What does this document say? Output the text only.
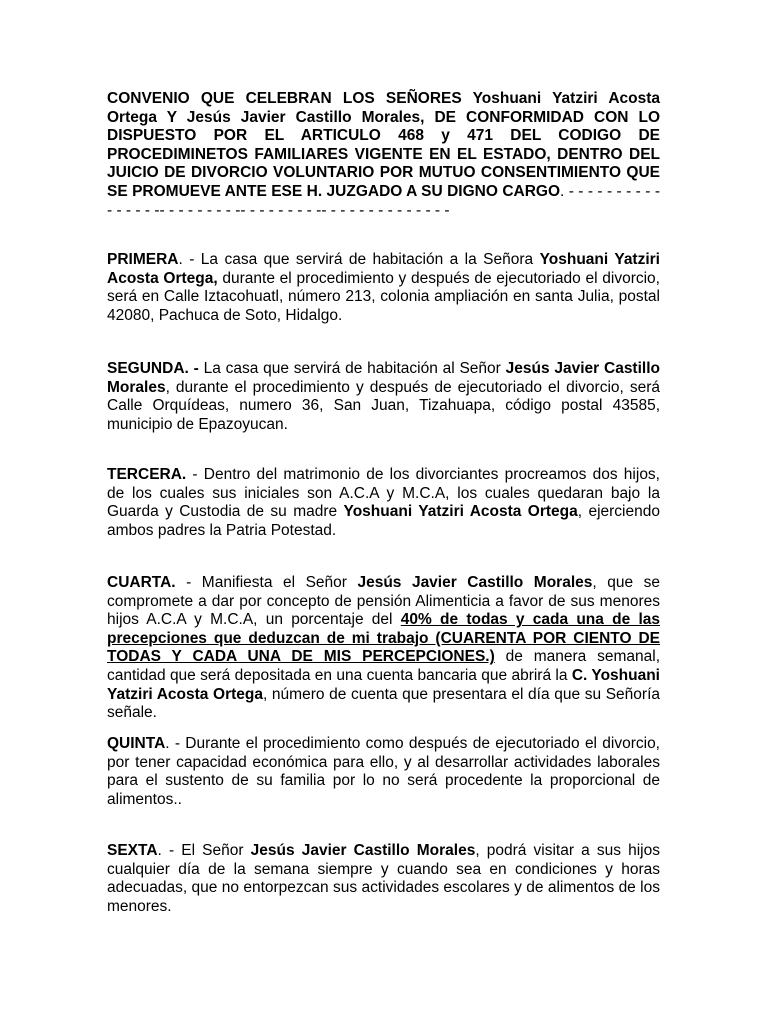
CONVENIO QUE CELEBRAN LOS SEÑORES Yoshuani Yatziri Acosta Ortega Y Jesús Javier Castillo Morales, DE CONFORMIDAD CON LO DISPUESTO POR EL ARTICULO 468 y 471 DEL CODIGO DE PROCEDIMINETOS FAMILIARES VIGENTE EN EL ESTADO, DENTRO DEL JUICIO DE DIVORCIO VOLUNTARIO POR MUTUO CONSENTIMIENTO QUE SE PROMUEVE ANTE ESE H. JUZGADO A SU DIGNO CARGO. - - - - - - - - - - - - - - - -- - - - - - - - -- - - - - - - - -- - - - - - - - - - - - - -

PRIMERA. - La casa que servirá de habitación a la Señora Yoshuani Yatziri Acosta Ortega, durante el procedimiento y después de ejecutoriado el divorcio, será en Calle Iztacohuatl, número 213, colonia ampliación en santa Julia, postal 42080, Pachuca de Soto, Hidalgo.

SEGUNDA. - La casa que servirá de habitación al Señor Jesús Javier Castillo Morales, durante el procedimiento y después de ejecutoriado el divorcio, será Calle Orquídeas, numero 36, San Juan, Tizahuapa, código postal 43585, municipio de Epazoyucan.

TERCERA. - Dentro del matrimonio de los divorciantes procreamos dos hijos, de los cuales sus iniciales son A.C.A y M.C.A, los cuales quedaran bajo la Guarda y Custodia de su madre Yoshuani Yatziri Acosta Ortega, ejerciendo ambos padres la Patria Potestad.

CUARTA. - Manifiesta el Señor Jesús Javier Castillo Morales, que se compromete a dar por concepto de pensión Alimenticia a favor de sus menores hijos A.C.A y M.C.A, un porcentaje del 40% de todas y cada una de las precepciones que deduzcan de mi trabajo (CUARENTA POR CIENTO DE TODAS Y CADA UNA DE MIS PERCEPCIONES.) de manera semanal, cantidad que será depositada en una cuenta bancaria que abrirá la C. Yoshuani Yatziri Acosta Ortega, número de cuenta que presentara el día que su Señoría señale.

QUINTA. - Durante el procedimiento como después de ejecutoriado el divorcio, por tener capacidad económica para ello, y al desarrollar actividades laborales para el sustento de su familia por lo no será procedente la proporcional de alimentos..

SEXTA. - El Señor Jesús Javier Castillo Morales, podrá visitar a sus hijos cualquier día de la semana siempre y cuando sea en condiciones y horas adecuadas, que no entorpezcan sus actividades escolares y de alimentos de los menores.
